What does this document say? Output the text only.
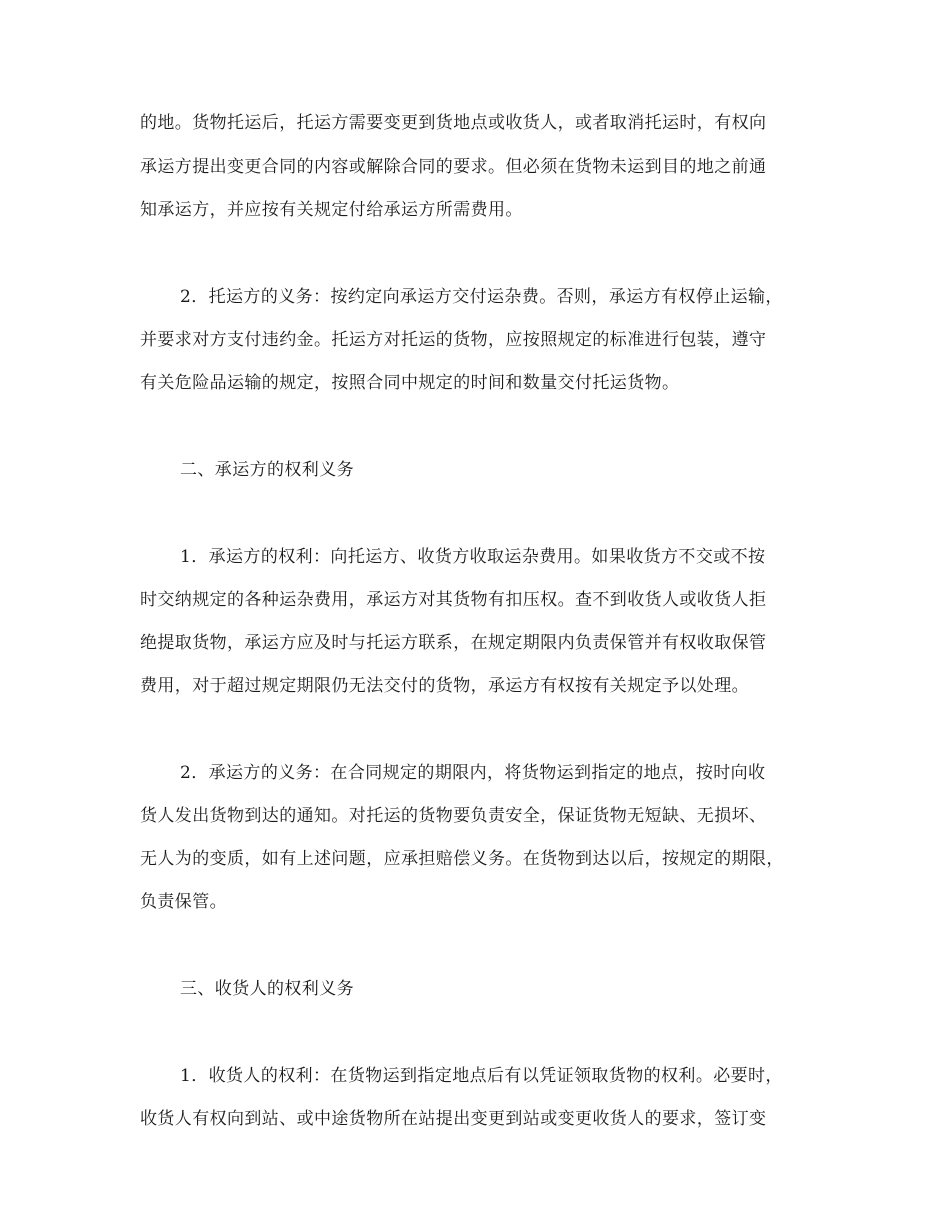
的地。货物托运后，托运方需要变更到货地点或收货人，或者取消托运时，有权向
承运方提出变更合同的内容或解除合同的要求。但必须在货物未运到目的地之前通
知承运方，并应按有关规定付给承运方所需费用。
2．托运方的义务：按约定向承运方交付运杂费。否则，承运方有权停止运输，
并要求对方支付违约金。托运方对托运的货物，应按照规定的标准进行包装，遵守
有关危险品运输的规定，按照合同中规定的时间和数量交付托运货物。
二、承运方的权利义务
1．承运方的权利：向托运方、收货方收取运杂费用。如果收货方不交或不按
时交纳规定的各种运杂费用，承运方对其货物有扣压权。查不到收货人或收货人拒
绝提取货物，承运方应及时与托运方联系，在规定期限内负责保管并有权收取保管
费用，对于超过规定期限仍无法交付的货物，承运方有权按有关规定予以处理。
2．承运方的义务：在合同规定的期限内，将货物运到指定的地点，按时向收
货人发出货物到达的通知。对托运的货物要负责安全，保证货物无短缺、无损坏、
无人为的变质，如有上述问题，应承担赔偿义务。在货物到达以后，按规定的期限，
负责保管。
三、收货人的权利义务
1．收货人的权利：在货物运到指定地点后有以凭证领取货物的权利。必要时，
收货人有权向到站、或中途货物所在站提出变更到站或变更收货人的要求，签订变
